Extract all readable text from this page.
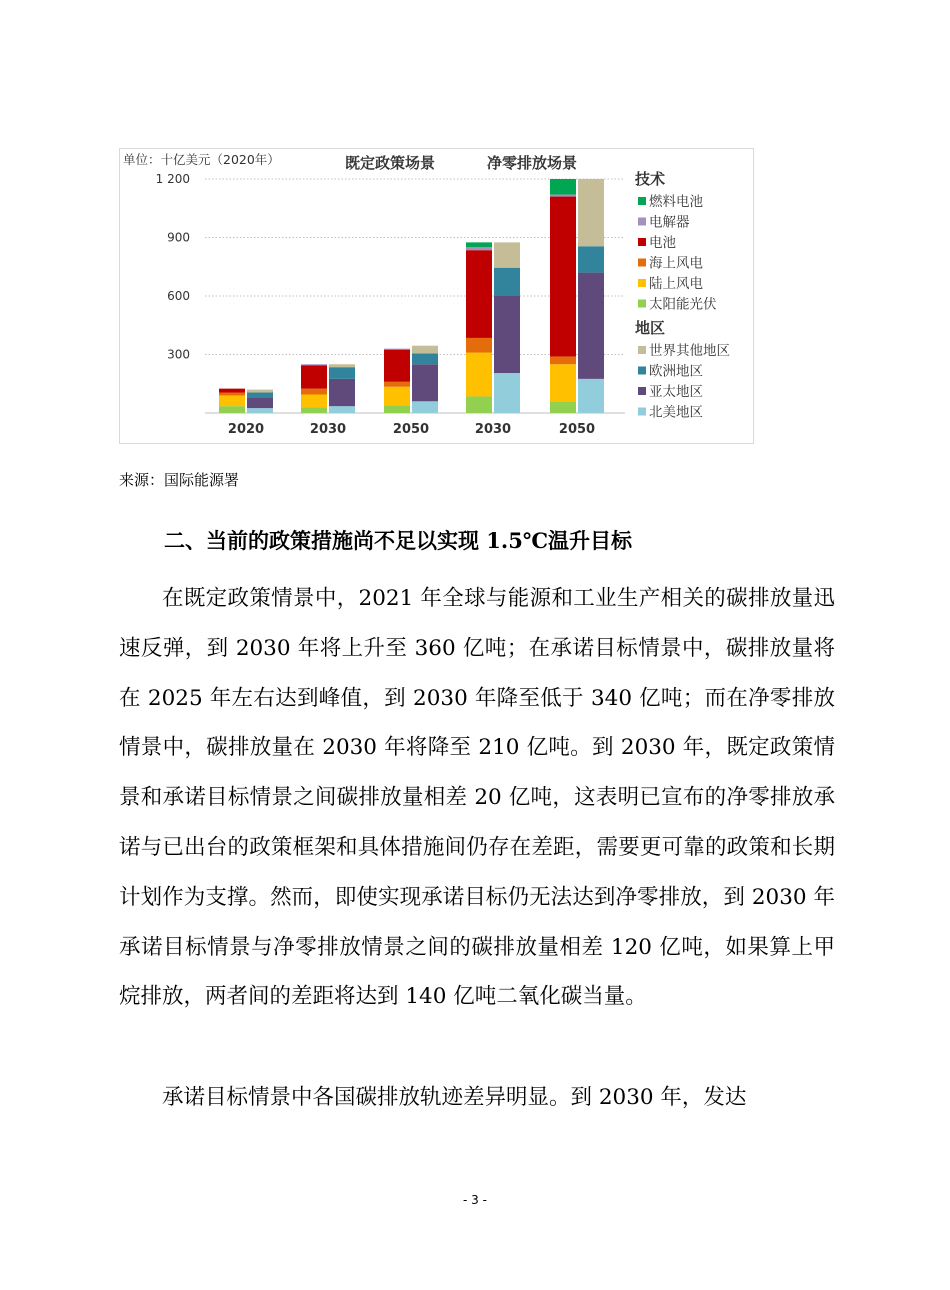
1 200
900
600
300
单位：十亿美元（2020年）	既定政策场景	净零排放场景
2020	2030	2050	2030	2050
技术
燃料电池
电解器
电池
海上风电
陆上风电
太阳能光伏
地区
世界其他地区
欧洲地区
亚太地区
北美地区
来源：国际能源署
二、当前的政策措施尚不足以实现 1.5℃温升目标

在既定政策情景中，2021 年全球与能源和工业生产相关的碳排放量迅速反弹，到 2030 年将上升至 360 亿吨；在承诺目标情景中，碳排放量将在 2025 年左右达到峰值，到 2030 年降至低于 340 亿吨；而在净零排放情景中，碳排放量在 2030 年将降至 210 亿吨。到 2030 年，既定政策情景和承诺目标情景之间碳排放量相差 20 亿吨，这表明已宣布的净零排放承诺与已出台的政策框架和具体措施间仍存在差距，需要更可靠的政策和长期计划作为支撑。然而，即使实现承诺目标仍无法达到净零排放，到 2030 年承诺目标情景与净零排放情景之间的碳排放量相差 120 亿吨，如果算上甲烷排放，两者间的差距将达到 140 亿吨二氧化碳当量。

承诺目标情景中各国碳排放轨迹差异明显。到 2030 年，发达

- 3 -
